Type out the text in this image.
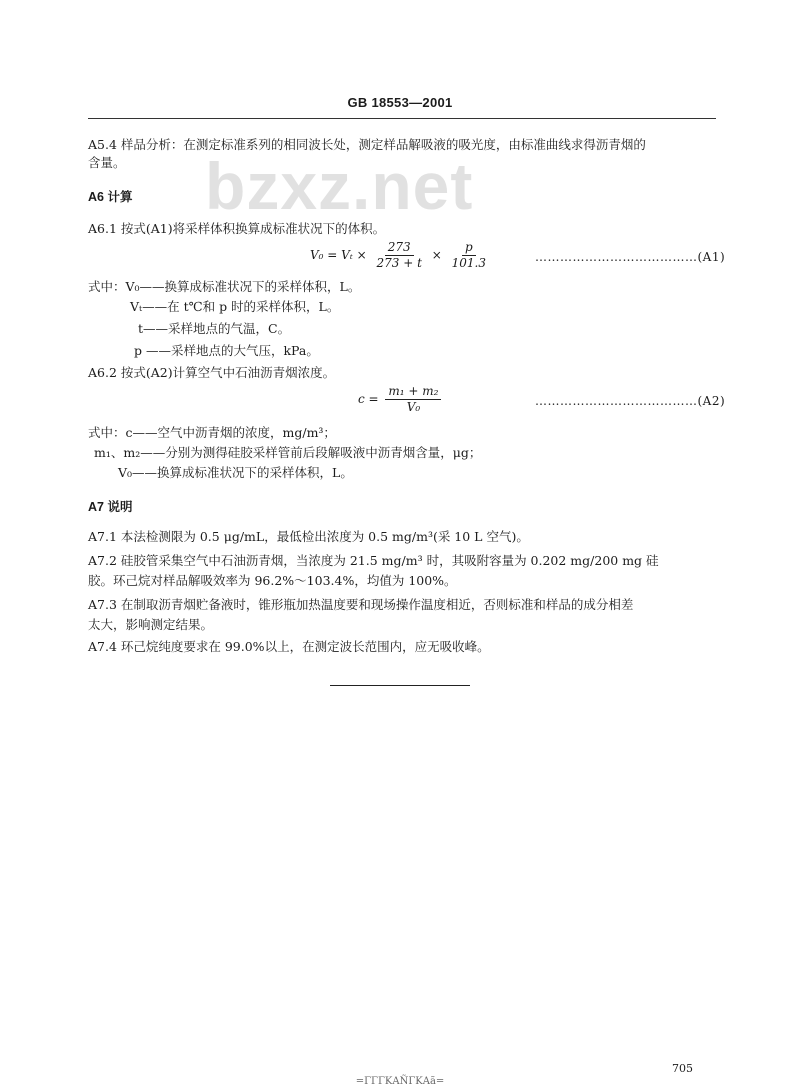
GB 18553—2001
bzxz.net
A5.4 样品分析：在测定标准系列的相同波长处，测定样品解吸液的吸光度，由标准曲线求得沥青烟的
含量。
A6 计算
A6.1 按式(A1)将采样体积换算成标准状况下的体积。
$V_0 = V_t \times \frac{273}{273 + t} \times \frac{p}{101.3}$	…………………………………(A1)
式中：V₀——换算成标准状况下的采样体积，L。
Vₜ——在 t℃和 p 时的采样体积，L。
t——采样地点的气温，C。
p ——采样地点的大气压，kPa。
A6.2 按式(A2)计算空气中石油沥青烟浓度。
$c = \frac{\text{m₁ + m₂}}{\text{V₀}}$	…………………………………(A2)
式中：c——空气中沥青烟的浓度，mg/m³；
m₁、m₂——分别为测得硅胶采样管前后段解吸液中沥青烟含量，μg；
V₀——换算成标准状况下的采样体积，L。
A7 说明
A7.1 本法检测限为 0.5 μg/mL，最低检出浓度为 0.5 mg/m³(采 10 L 空气)。
A7.2 硅胶管采集空气中石油沥青烟，当浓度为 21.5 mg/m³ 时，其吸附容量为 0.202 mg/200 mg 硅
胶。环己烷对样品解吸效率为 96.2%～103.4%，均值为 100%。
A7.3 在制取沥青烟贮备液时，锥形瓶加热温度要和现场操作温度相近，否则标准和样品的成分相差
太大，影响测定结果。
A7.4 环己烷纯度要求在 99.0%以上，在测定波长范围内，应无吸收峰。
705
=ΓΓΓΚΑÑΓΚΑã=
